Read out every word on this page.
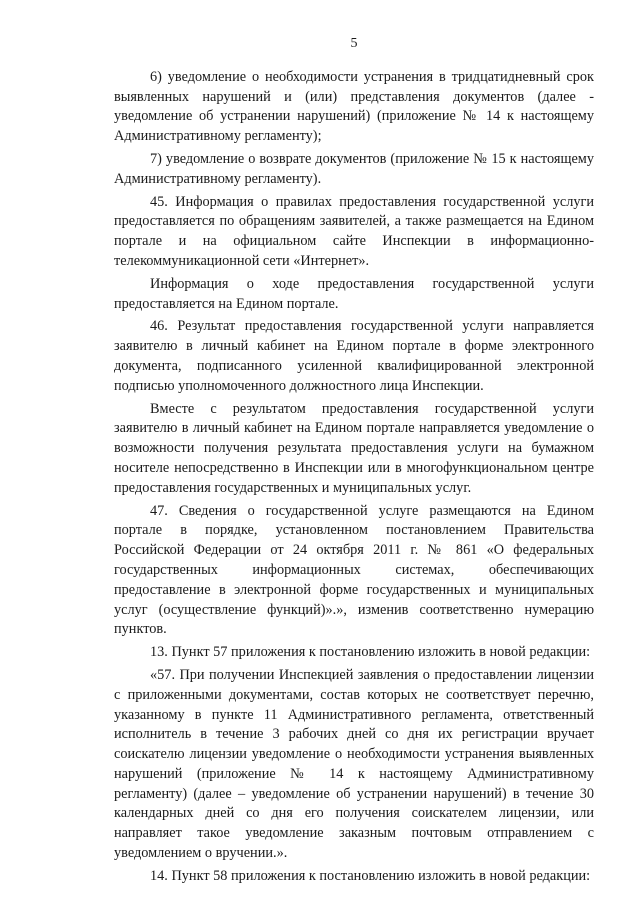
5

6) уведомление о необходимости устранения в тридцатидневный срок выявленных нарушений и (или) представления документов (далее - уведомление об устранении нарушений) (приложение № 14 к настоящему Административному регламенту);

7) уведомление о возврате документов (приложение № 15 к настоящему Административному регламенту).

45. Информация о правилах предоставления государственной услуги предоставляется по обращениям заявителей, а также размещается на Едином портале и на официальном сайте Инспекции в информационно-телекоммуникационной сети «Интернет».

Информация о ходе предоставления государственной услуги предоставляется на Едином портале.

46. Результат предоставления государственной услуги направляется заявителю в личный кабинет на Едином портале в форме электронного документа, подписанного усиленной квалифицированной электронной подписью уполномоченного должностного лица Инспекции.

Вместе с результатом предоставления государственной услуги заявителю в личный кабинет на Едином портале направляется уведомление о возможности получения результата предоставления услуги на бумажном носителе непосредственно в Инспекции или в многофункциональном центре предоставления государственных и муниципальных услуг.

47. Сведения о государственной услуге размещаются на Едином портале в порядке, установленном постановлением Правительства Российской Федерации от 24 октября 2011 г. № 861 «О федеральных государственных информационных системах, обеспечивающих предоставление в электронной форме государственных и муниципальных услуг (осуществление функций)».», изменив соответственно нумерацию пунктов.

13. Пункт 57 приложения к постановлению изложить в новой редакции:

«57. При получении Инспекцией заявления о предоставлении лицензии с приложенными документами, состав которых не соответствует перечню, указанному в пункте 11 Административного регламента, ответственный исполнитель в течение 3 рабочих дней со дня их регистрации вручает соискателю лицензии уведомление о необходимости устранения выявленных нарушений (приложение № 14 к настоящему Административному регламенту) (далее – уведомление об устранении нарушений) в течение 30 календарных дней со дня его получения соискателем лицензии, или направляет такое уведомление заказным почтовым отправлением с уведомлением о вручении.».

14. Пункт 58 приложения к постановлению изложить в новой редакции:
